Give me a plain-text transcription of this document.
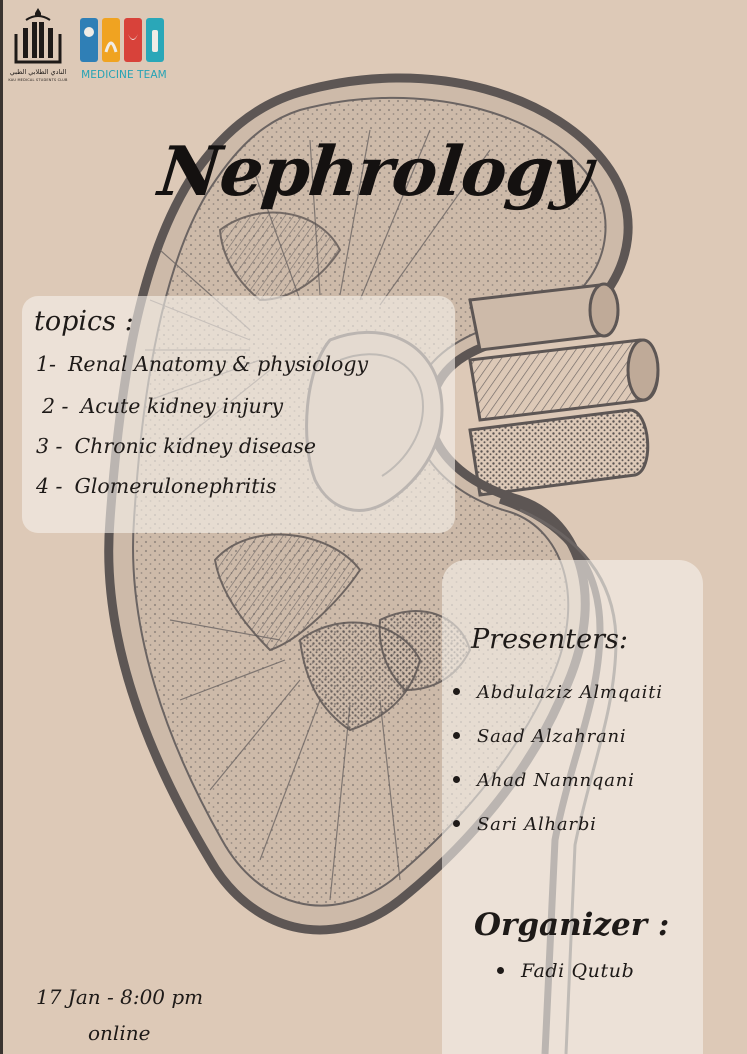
النادي الطلابي الطبي
KAU MEDICAL STUDENTS CLUB	MEDICINE TEAM
Nephrology
topics :
1- Renal Anatomy & physiology
2 - Acute kidney injury
3 - Chronic kidney disease
4 - Glomerulonephritis
Presenters:
Abdulaziz Almqaiti
Saad Alzahrani
Ahad Namnqani
Sari Alharbi
Organizer :
Fadi Qutub
17 Jan - 8:00 pm
online
